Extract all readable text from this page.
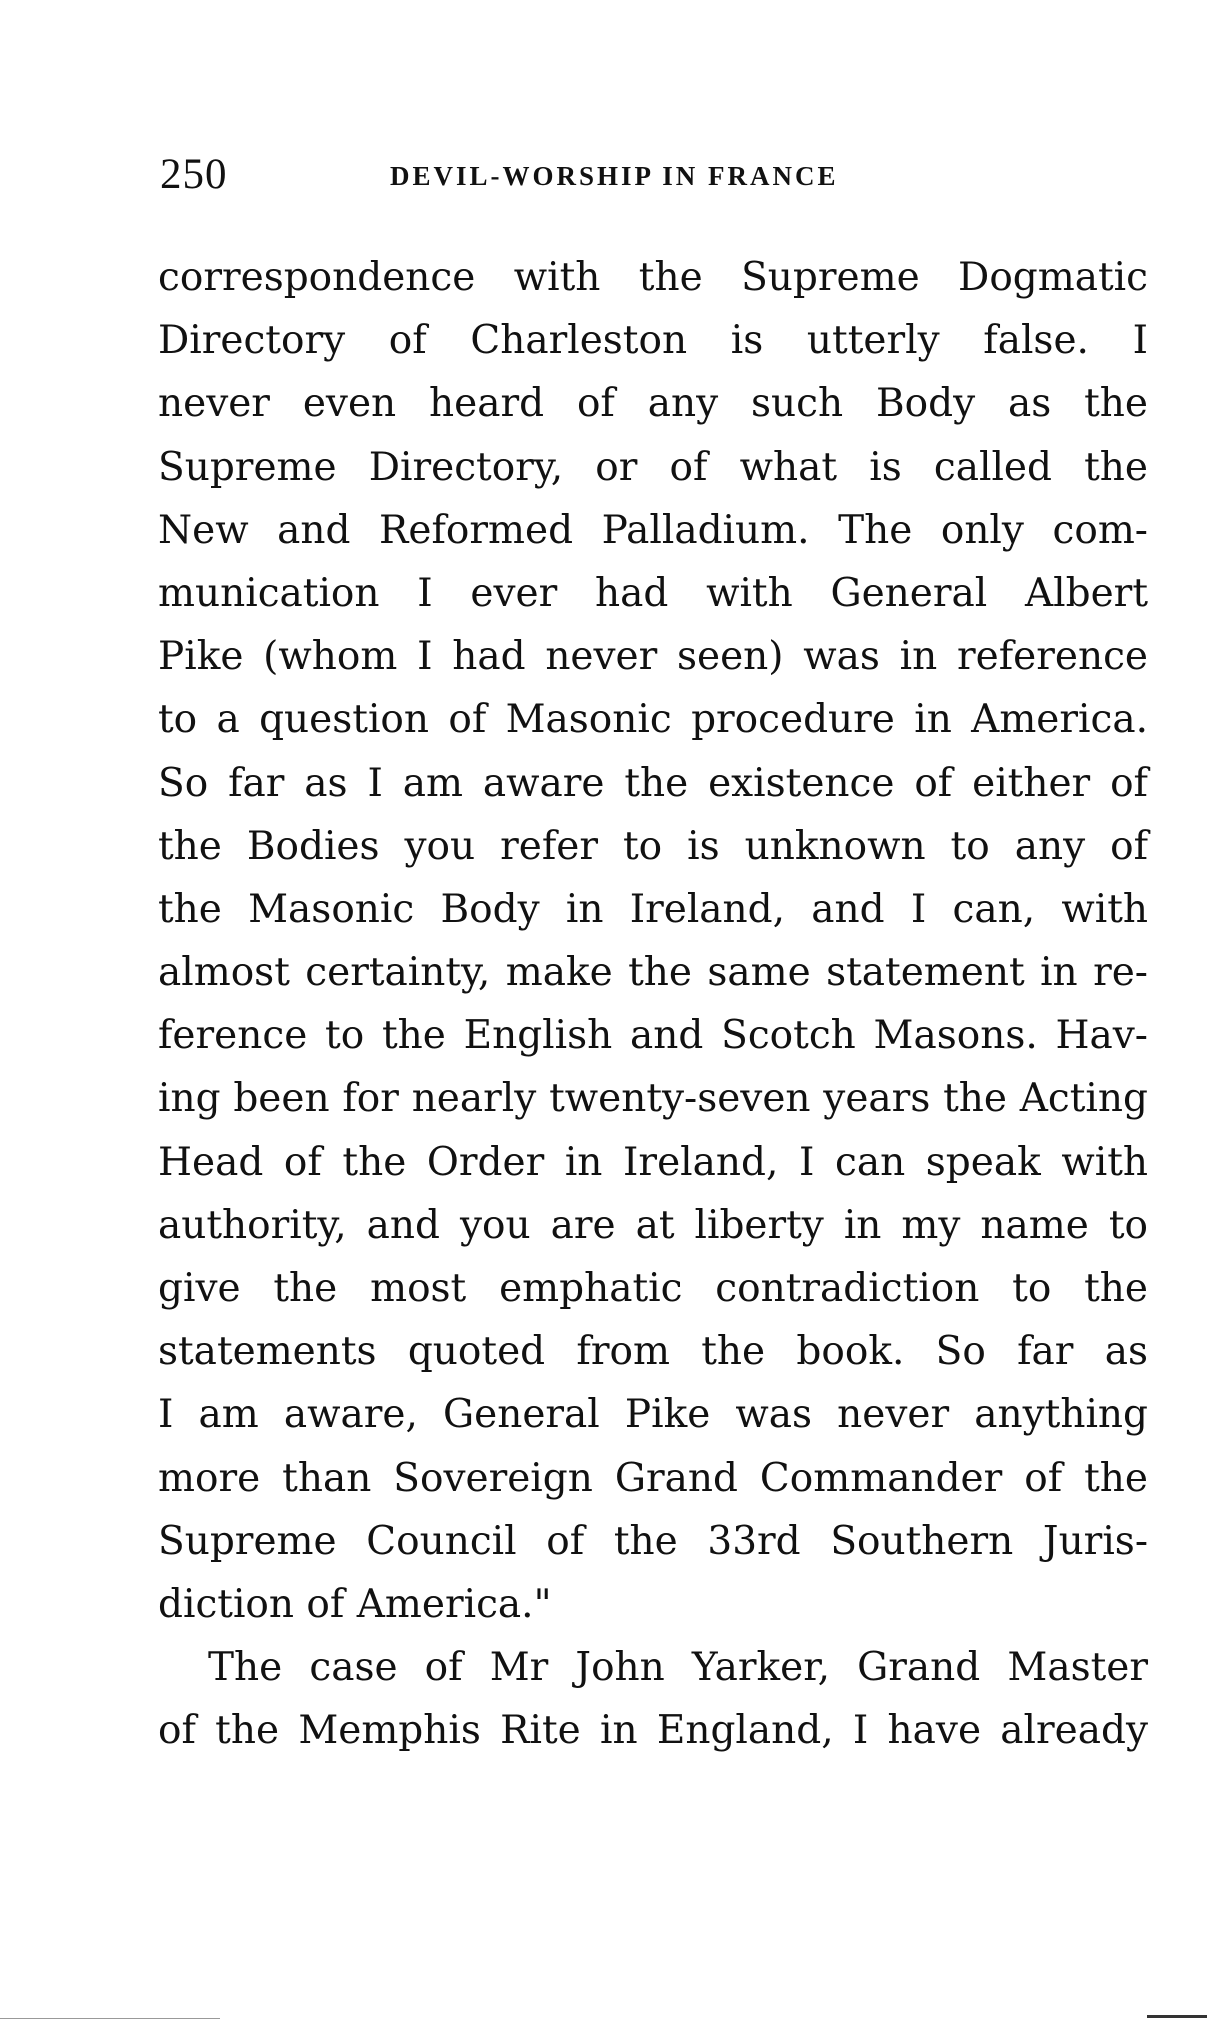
250	DEVIL-WORSHIP IN FRANCE
correspondence with the Supreme Dogmatic
Directory of Charleston is utterly false. I
never even heard of any such Body as the
Supreme Directory, or of what is called the
New and Reformed Palladium. The only com-
munication I ever had with General Albert
Pike (whom I had never seen) was in reference
to a question of Masonic procedure in America.
So far as I am aware the existence of either of
the Bodies you refer to is unknown to any of
the Masonic Body in Ireland, and I can, with
almost certainty, make the same statement in re-
ference to the English and Scotch Masons. Hav-
ing been for nearly twenty-seven years the Acting
Head of the Order in Ireland, I can speak with
authority, and you are at liberty in my name to
give the most emphatic contradiction to the
statements quoted from the book. So far as
I am aware, General Pike was never anything
more than Sovereign Grand Commander of the
Supreme Council of the 33rd Southern Juris-
diction of America."
The case of Mr John Yarker, Grand Master
of the Memphis Rite in England, I have already
